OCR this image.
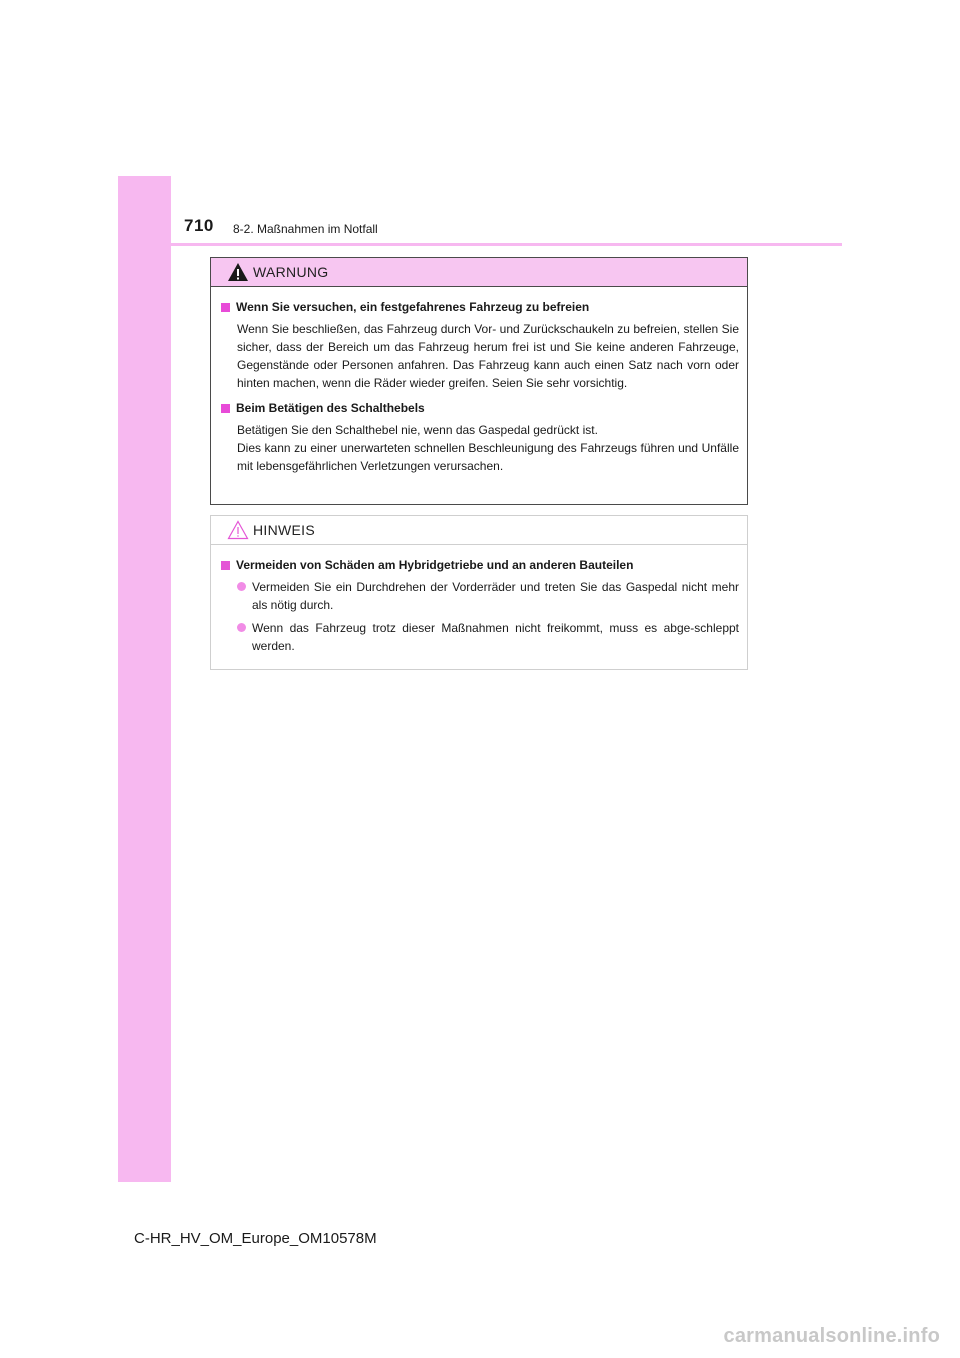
710 8-2. Maßnahmen im Notfall
WARNUNG
Wenn Sie versuchen, ein festgefahrenes Fahrzeug zu befreien
Wenn Sie beschließen, das Fahrzeug durch Vor- und Zurückschaukeln zu befreien, stellen Sie sicher, dass der Bereich um das Fahrzeug herum frei ist und Sie keine anderen Fahrzeuge, Gegenstände oder Personen anfahren. Das Fahrzeug kann auch einen Satz nach vorn oder hinten machen, wenn die Räder wieder greifen. Seien Sie sehr vorsichtig.
Beim Betätigen des Schalthebels
Betätigen Sie den Schalthebel nie, wenn das Gaspedal gedrückt ist.
Dies kann zu einer unerwarteten schnellen Beschleunigung des Fahrzeugs führen und Unfälle mit lebensgefährlichen Verletzungen verursachen.
HINWEIS
Vermeiden von Schäden am Hybridgetriebe und an anderen Bauteilen
Vermeiden Sie ein Durchdrehen der Vorderräder und treten Sie das Gaspedal nicht mehr als nötig durch.
Wenn das Fahrzeug trotz dieser Maßnahmen nicht freikommt, muss es abge-schleppt werden.
C-HR_HV_OM_Europe_OM10578M
carmanualsonline.info
